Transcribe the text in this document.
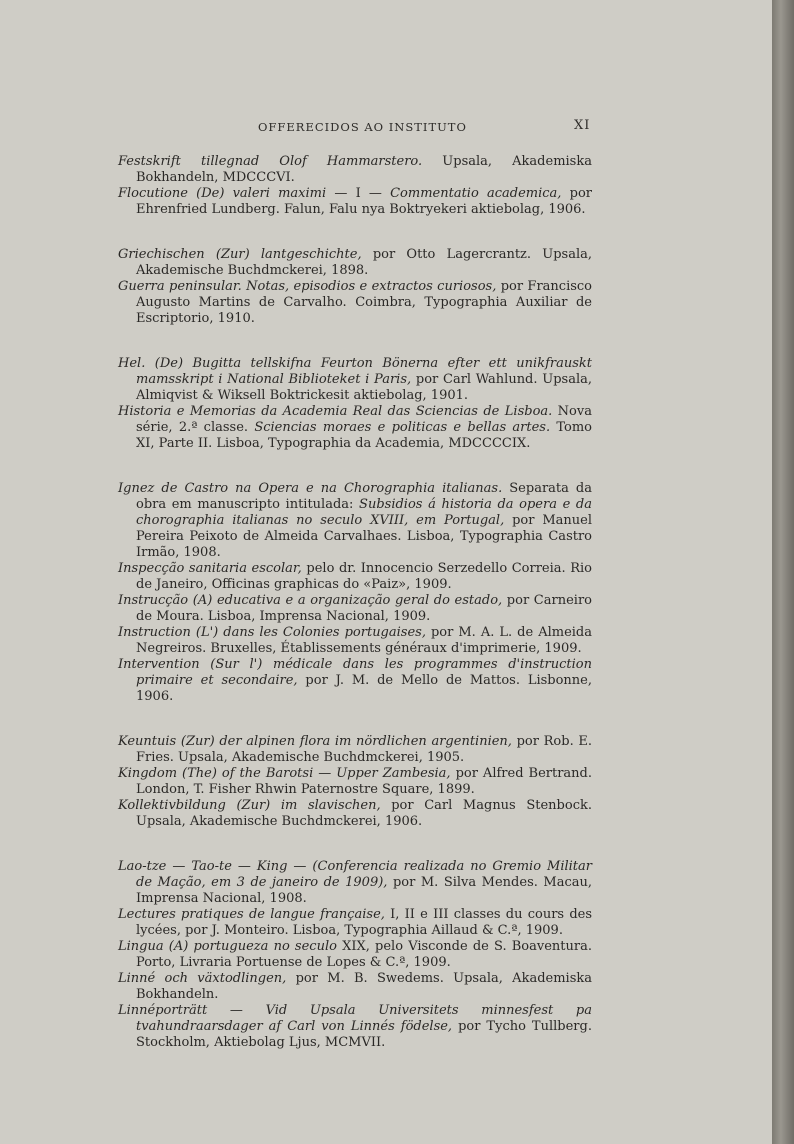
OFFERECIDOS AO INSTITUTO	XI

Festskrift tillegnad Olof Hammarstero. Upsala, Akademiska Bokhandeln, MDCCCVI.

Flocutione (De) valeri maximi — I — Commentatio academica, por Ehrenfried Lundberg. Falun, Falu nya Boktryekeri aktiebolag, 1906.

Griechischen (Zur) lantgeschichte, por Otto Lagercrantz. Upsala, Akademische Buchdmckerei, 1898.

Guerra peninsular. Notas, episodios e extractos curiosos, por Francisco Augusto Martins de Carvalho. Coimbra, Typographia Auxiliar de Escriptorio, 1910.

Hel. (De) Bugitta tellskifna Feurton Bönerna efter ett unikfrauskt mamsskript i National Biblioteket i Paris, por Carl Wahlund. Upsala, Almiqvist & Wiksell Boktrickesit aktiebolag, 1901.

Historia e Memorias da Academia Real das Sciencias de Lisboa. Nova série, 2.ª classe. Sciencias moraes e politicas e bellas artes. Tomo XI, Parte II. Lisboa, Typographia da Academia, MDCCCCIX.

Ignez de Castro na Opera e na Chorographia italianas. Separata da obra em manuscripto intitulada: Subsidios á historia da opera e da chorographia italianas no seculo XVIII, em Portugal, por Manuel Pereira Peixoto de Almeida Carvalhaes. Lisboa, Typographia Castro Irmão, 1908.

Inspecção sanitaria escolar, pelo dr. Innocencio Serzedello Correia. Rio de Janeiro, Officinas graphicas do «Paiz», 1909.

Instrucção (A) educativa e a organização geral do estado, por Carneiro de Moura. Lisboa, Imprensa Nacional, 1909.

Instruction (L') dans les Colonies portugaises, por M. A. L. de Almeida Negreiros. Bruxelles, Établissements généraux d'imprimerie, 1909.

Intervention (Sur l') médicale dans les programmes d'instruction primaire et secondaire, por J. M. de Mello de Mattos. Lisbonne, 1906.

Keuntuis (Zur) der alpinen flora im nördlichen argentinien, por Rob. E. Fries. Upsala, Akademische Buchdmckerei, 1905.

Kingdom (The) of the Barotsi — Upper Zambesia, por Alfred Bertrand. London, T. Fisher Rhwin Paternostre Square, 1899.

Kollektivbildung (Zur) im slavischen, por Carl Magnus Stenbock. Upsala, Akademische Buchdmckerei, 1906.

Lao-tze — Tao-te — King — (Conferencia realizada no Gremio Militar de Mação, em 3 de janeiro de 1909), por M. Silva Mendes. Macau, Imprensa Nacional, 1908.

Lectures pratiques de langue française, I, II e III classes du cours des lycées, por J. Monteiro. Lisboa, Typographia Aillaud & C.ª, 1909.

Lingua (A) portugueza no seculo XIX, pelo Visconde de S. Boaventura. Porto, Livraria Portuense de Lopes & C.ª, 1909.

Linné och växtodlingen, por M. B. Swedems. Upsala, Akademiska Bokhandeln.

Linnéporträtt — Vid Upsala Universitets minnesfest pa tvahundraarsdager af Carl von Linnés födelse, por Tycho Tullberg. Stockholm, Aktiebolag Ljus, MCMVII.
